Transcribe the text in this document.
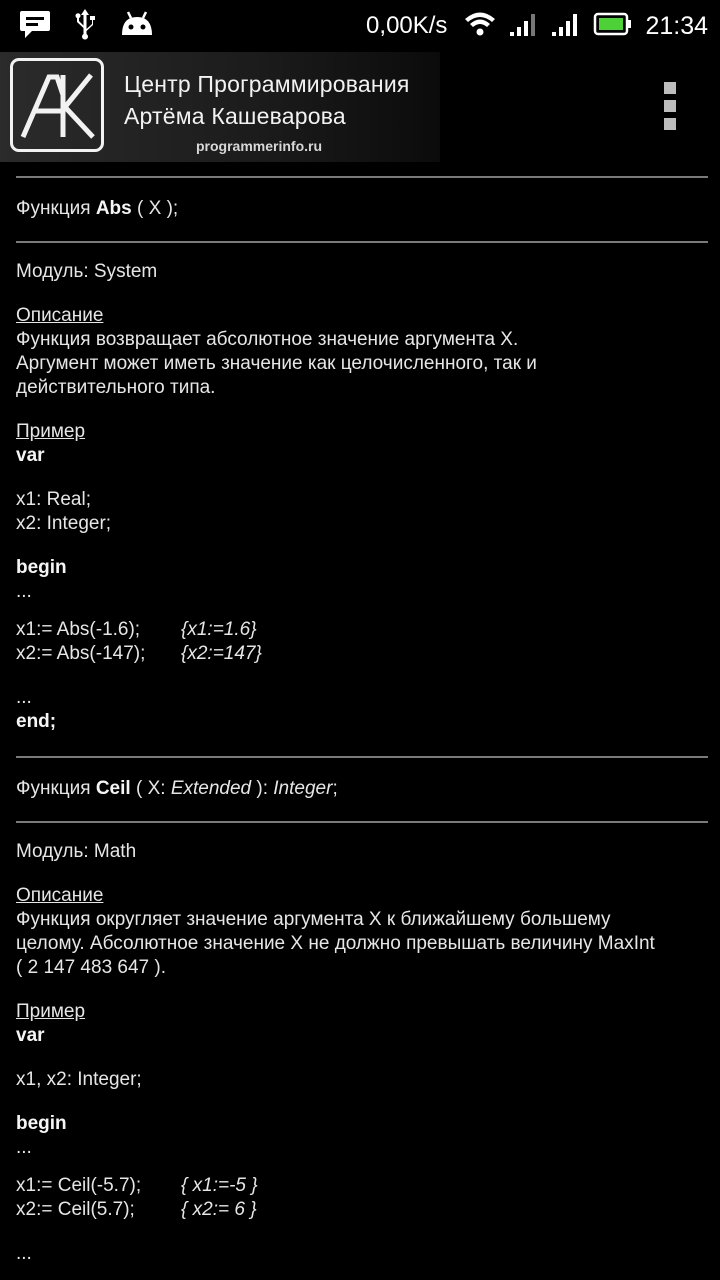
0,00K/s	21:34
Центр Программирования
Артёма Кашеварова
programmerinfo.ru
Функция Abs ( X );
Модуль: System
Описание
Функция возвращает абсолютное значение аргумента X.
Аргумент может иметь значение как целочисленного, так и
действительного типа.
Пример
var
x1: Real;
x2: Integer;
begin
...
x1:= Abs(-1.6);	{x1:=1.6}
x2:= Abs(-147);	{x2:=147}
...
end;
Функция Ceil ( X: Extended ): Integer;
Модуль: Math
Описание
Функция округляет значение аргумента X к ближайшему большему
целому. Абсолютное значение X не должно превышать величину MaxInt
( 2 147 483 647 ).
Пример
var
x1, x2: Integer;
begin
...
x1:= Ceil(-5.7);	{ x1:=-5 }
x2:= Ceil(5.7);	{ x2:= 6 }
...
